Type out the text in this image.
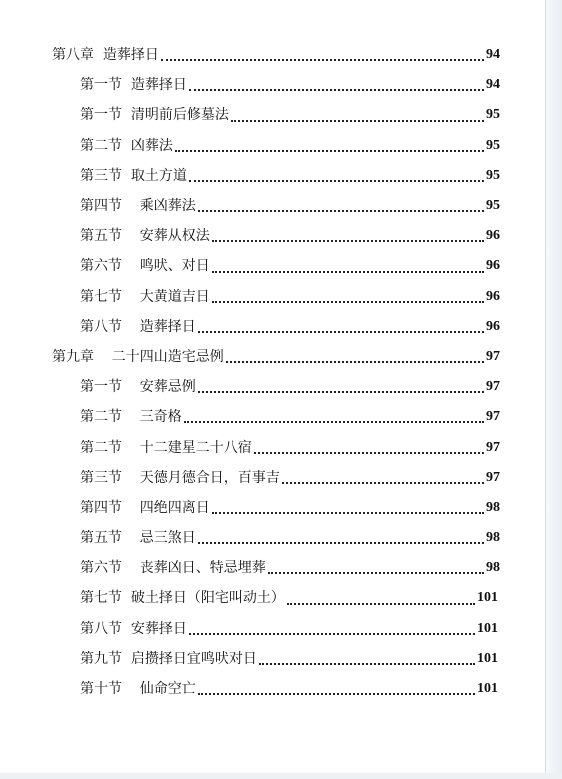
第八章  造葬择日	94
第一节  造葬择日	94
第一节  清明前后修墓法	95
第二节  凶葬法	95
第三节  取土方道	95
第四节    乘凶葬法	95
第五节    安葬从权法	96
第六节    鸣吠、对日	96
第七节    大黄道吉日	96
第八节    造葬择日	96
第九章    二十四山造宅忌例	97
第一节    安葬忌例	97
第二节    三奇格	97
第二节    十二建星二十八宿	97
第三节    天德月德合日，百事吉	97
第四节    四绝四离日	98
第五节    忌三煞日	98
第六节    丧葬凶日、特忌埋葬	98
第七节  破土择日（阳宅叫动土）	101
第八节  安葬择日	101
第九节  启攒择日宜鸣吠对日	101
第十节    仙命空亡	101
